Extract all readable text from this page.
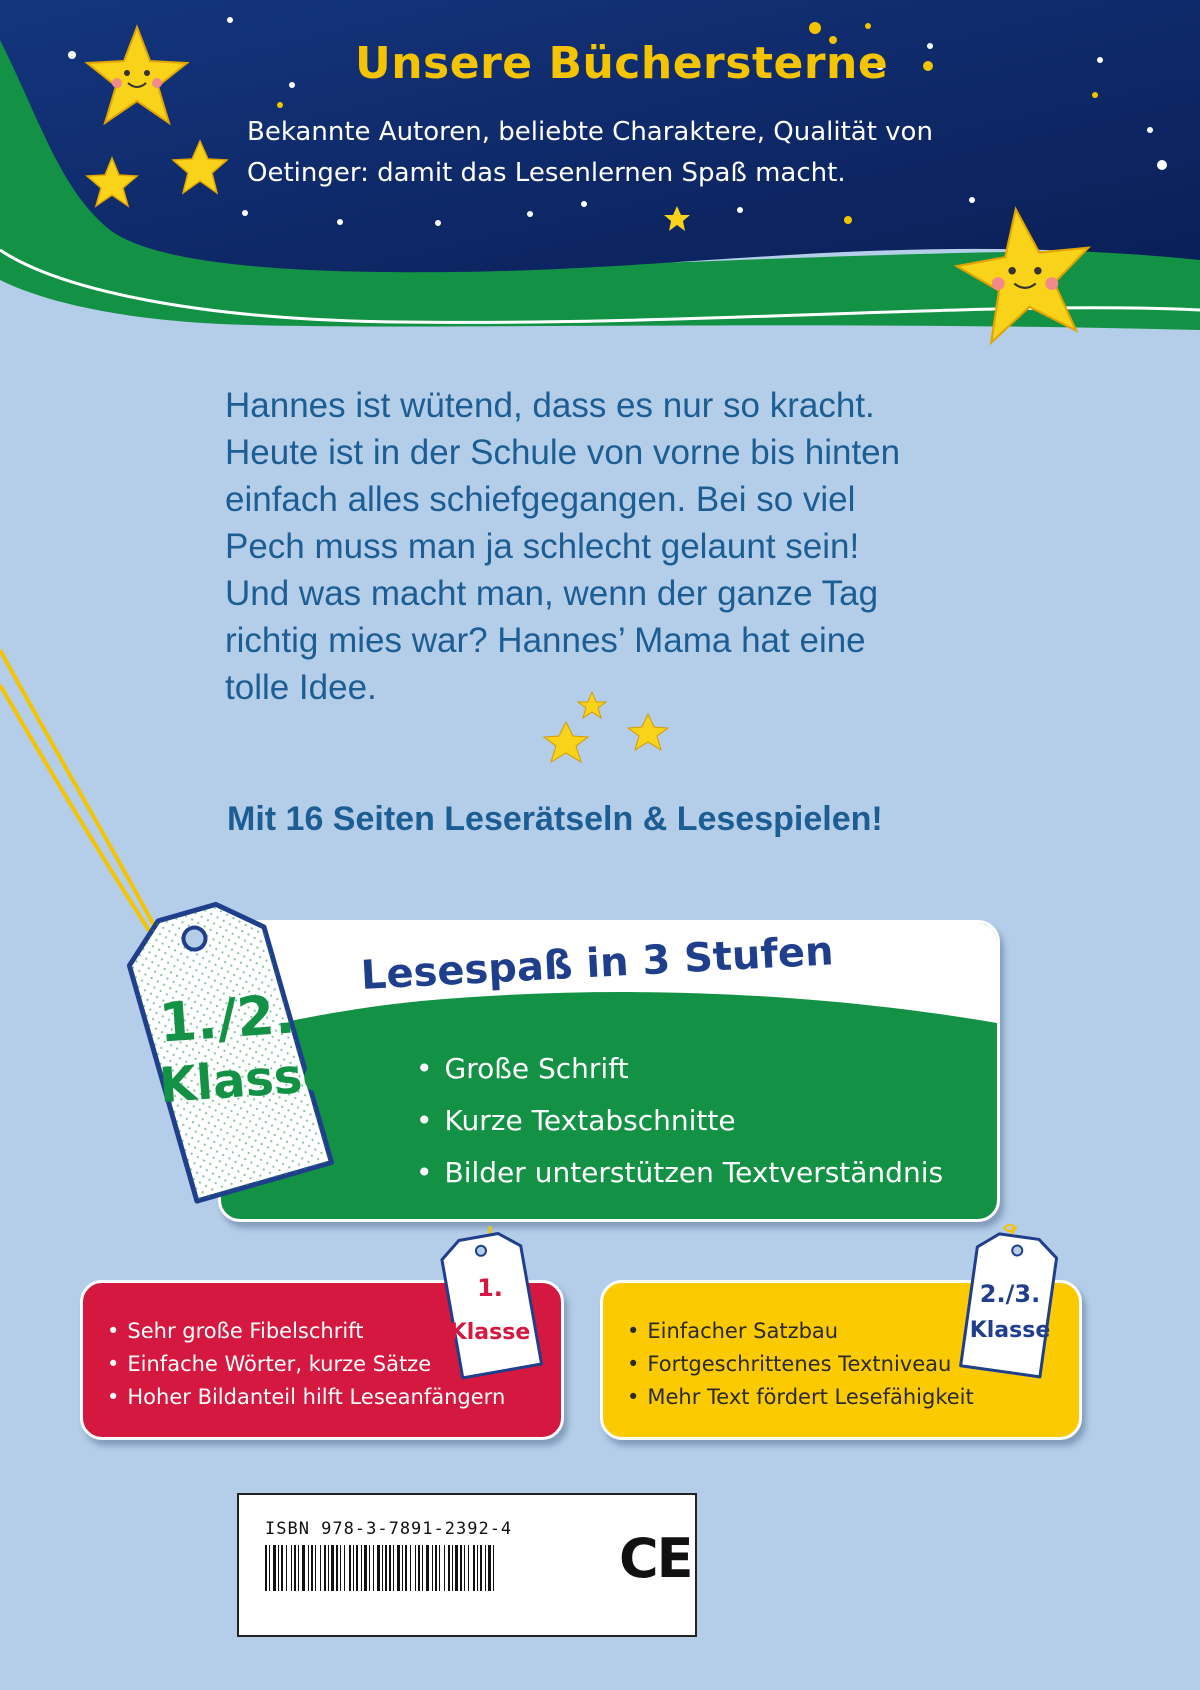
Unsere Büchersterne

Bekannte Autoren, beliebte Charaktere, Qualität von Oetinger: damit das Lesenlernen Spaß macht.

Hannes ist wütend, dass es nur so kracht.
Heute ist in der Schule von vorne bis hinten
einfach alles schiefgegangen. Bei so viel
Pech muss man ja schlecht gelaunt sein!
Und was macht man, wenn der ganze Tag
richtig mies war? Hannes’ Mama hat eine
tolle Idee.

Mit 16 Seiten Leserätseln & Lesespielen!

Lesespaß in 3 Stufen
• Große Schrift
• Kurze Textabschnitte
• Bilder unterstützen Textverständnis

1./2.

Klasse

• Sehr große Fibelschrift
• Einfache Wörter, kurze Sätze
• Hoher Bildanteil hilft Leseanfängern

1.

Klasse

•	Einfacher Satzbau
• Fortgeschrittenes Textniveau
• Mehr Text fördert Lesefähigkeit

2./3.

Klasse

ISBN 978-3-7891-2392-4 CE
